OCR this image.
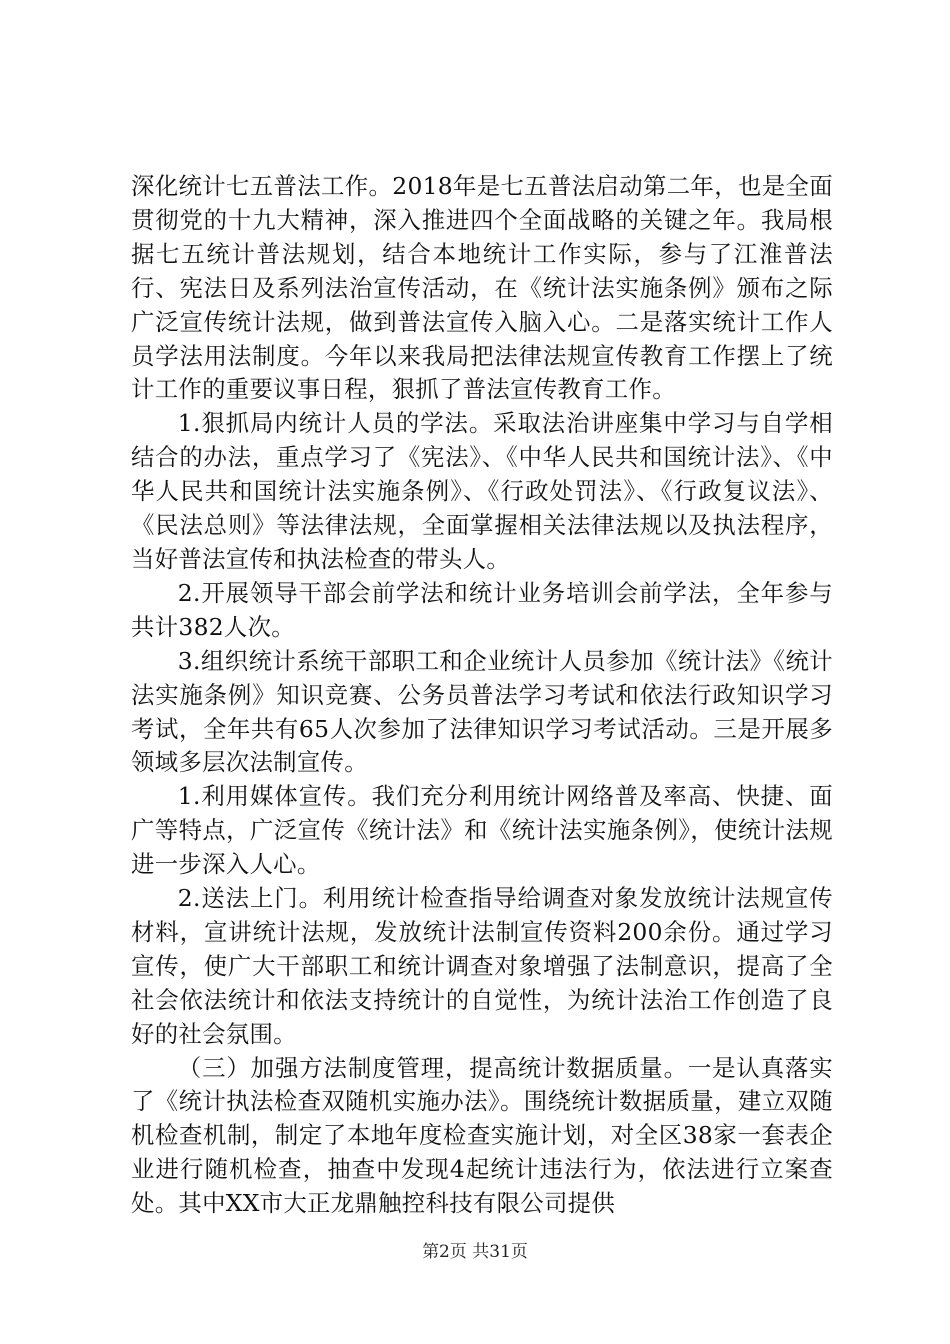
深化统计七五普法工作。2018年是七五普法启动第二年，也是全面贯彻党的十九大精神，深入推进四个全面战略的关键之年。我局根据七五统计普法规划，结合本地统计工作实际，参与了江淮普法行、宪法日及系列法治宣传活动，在《统计法实施条例》颁布之际广泛宣传统计法规，做到普法宣传入脑入心。二是落实统计工作人员学法用法制度。今年以来我局把法律法规宣传教育工作摆上了统计工作的重要议事日程，狠抓了普法宣传教育工作。

1.狠抓局内统计人员的学法。采取法治讲座集中学习与自学相结合的办法，重点学习了《宪法》、《中华人民共和国统计法》、《中华人民共和国统计法实施条例》、《行政处罚法》、《行政复议法》、《民法总则》等法律法规，全面掌握相关法律法规以及执法程序，当好普法宣传和执法检查的带头人。

2.开展领导干部会前学法和统计业务培训会前学法，全年参与共计382人次。

3.组织统计系统干部职工和企业统计人员参加《统计法》《统计法实施条例》知识竞赛、公务员普法学习考试和依法行政知识学习考试，全年共有65人次参加了法律知识学习考试活动。三是开展多领域多层次法制宣传。

1.利用媒体宣传。我们充分利用统计网络普及率高、快捷、面广等特点，广泛宣传《统计法》和《统计法实施条例》，使统计法规进一步深入人心。

2.送法上门。利用统计检查指导给调查对象发放统计法规宣传材料，宣讲统计法规，发放统计法制宣传资料200余份。通过学习宣传，使广大干部职工和统计调查对象增强了法制意识，提高了全社会依法统计和依法支持统计的自觉性，为统计法治工作创造了良好的社会氛围。

（三）加强方法制度管理，提高统计数据质量。一是认真落实了《统计执法检查双随机实施办法》。围绕统计数据质量，建立双随机检查机制，制定了本地年度检查实施计划，对全区38家一套表企业进行随机检查，抽查中发现4起统计违法行为，依法进行立案查处。其中XX市大正龙鼎触控科技有限公司提供

第2页 共31页
